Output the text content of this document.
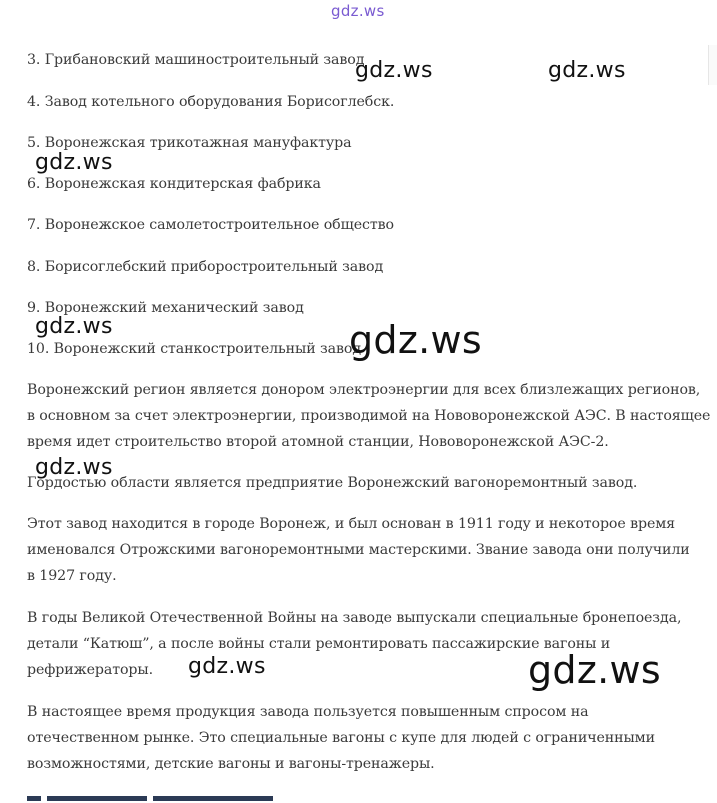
3. Грибановский машиностроительный завод

4. Завод котельного оборудования Борисоглебск.

5. Воронежская трикотажная мануфактура

6. Воронежская кондитерская фабрика

7. Воронежское самолетостроительное общество

8. Борисоглебский приборостроительный завод

9. Воронежский механический завод

10. Воронежский станкостроительный завод

Воронежский регион является донором электроэнергии для всех близлежащих регионов,
в основном за счет электроэнергии, производимой на Нововоронежской АЭС. В настоящее
время идет строительство второй атомной станции, Нововоронежской АЭС-2.
Гордостью области является предприятие Воронежский вагоноремонтный завод.
Этот завод находится в городе Воронеж, и был основан в 1911 году и некоторое время
именовался Отрожскими вагоноремонтными мастерскими. Звание завода они получили
в 1927 году.
В годы Великой Отечественной Войны на заводе выпускали специальные бронепоезда,
детали “Катюш”, а после войны стали ремонтировать пассажирские вагоны и
рефрижераторы.
В настоящее время продукция завода пользуется повышенным спросом на
отечественном рынке. Это специальные вагоны с купе для людей с ограниченными
возможностями, детские вагоны и вагоны-тренажеры.
gdz.ws
gdz.ws	gdz.ws
gdz.ws
gdz.ws	gdz.ws
gdz.ws
gdz.ws	gdz.ws
